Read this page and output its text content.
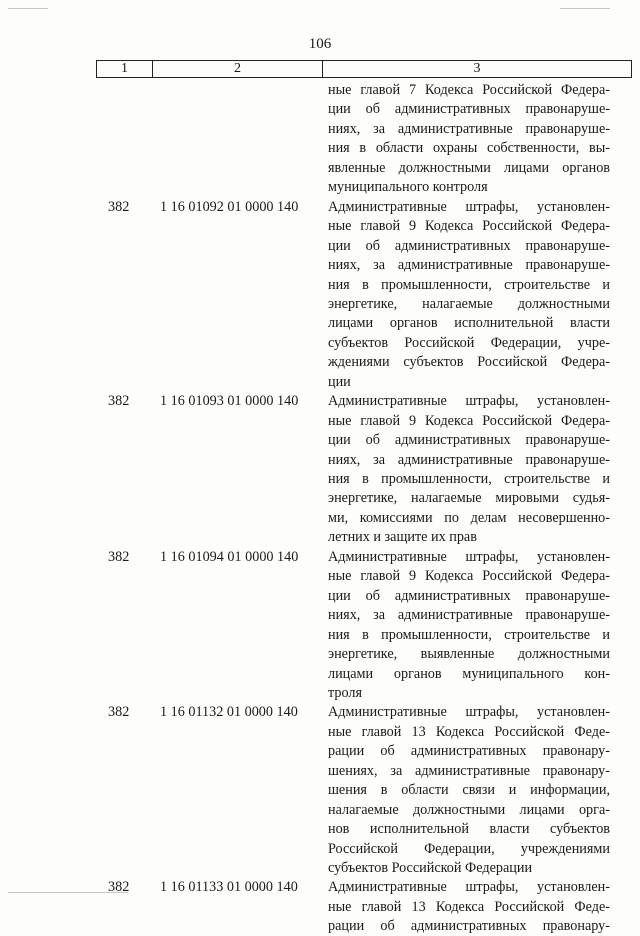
106
1	2	3
ные главой 7 Кодекса Российской Федера-
ции об административных правонаруше-
ниях, за административные правонаруше-
ния в области охраны собственности, вы-
явленные должностными лицами органов
муниципального контроля
382 1 16 01092 01 0000 140 Административные штрафы, установлен-
ные главой 9 Кодекса Российской Федера-
ции об административных правонаруше-
ниях, за административные правонаруше-
ния в промышленности, строительстве и
энергетике, налагаемые должностными
лицами органов исполнительной власти
субъектов Российской Федерации, учре-
ждениями субъектов Российской Федера-
ции
382 1 16 01093 01 0000 140 Административные штрафы, установлен-
ные главой 9 Кодекса Российской Федера-
ции об административных правонаруше-
ниях, за административные правонаруше-
ния в промышленности, строительстве и
энергетике, налагаемые мировыми судья-
ми, комиссиями по делам несовершенно-
летних и защите их прав
382 1 16 01094 01 0000 140 Административные штрафы, установлен-
ные главой 9 Кодекса Российской Федера-
ции об административных правонаруше-
ниях, за административные правонаруше-
ния в промышленности, строительстве и
энергетике, выявленные должностными
лицами органов муниципального кон-
троля
382 1 16 01132 01 0000 140 Административные штрафы, установлен-
ные главой 13 Кодекса Российской Феде-
рации об административных правонару-
шениях, за административные правонару-
шения в области связи и информации,
налагаемые должностными лицами орга-
нов исполнительной власти субъектов
Российской Федерации, учреждениями
субъектов Российской Федерации
382 1 16 01133 01 0000 140 Административные штрафы, установлен-
ные главой 13 Кодекса Российской Феде-
рации об административных правонару-
